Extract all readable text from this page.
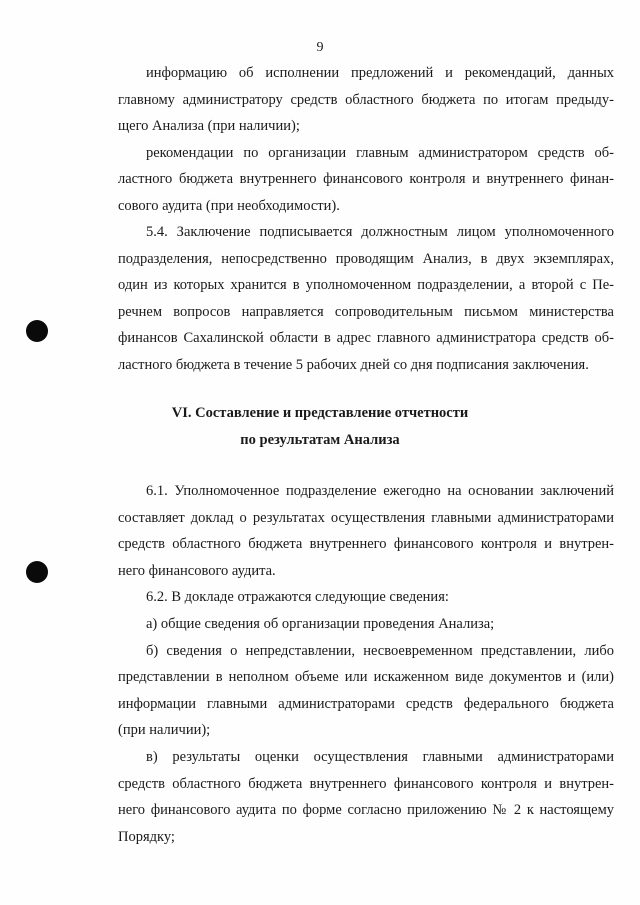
9
информацию об исполнении предложений и рекомендаций, данных
главному администратору средств областного бюджета по итогам предыду-
щего Анализа (при наличии);
рекомендации по организации главным администратором средств об-
ластного бюджета внутреннего финансового контроля и внутреннего финан-
сового аудита (при необходимости).
5.4. Заключение подписывается должностным лицом уполномоченного
подразделения, непосредственно проводящим Анализ, в двух экземплярах,
один из которых хранится в уполномоченном подразделении, а второй с Пе-
речнем вопросов направляется сопроводительным письмом министерства
финансов Сахалинской области в адрес главного администратора средств об-
ластного бюджета в течение 5 рабочих дней со дня подписания заключения.
VI. Составление и представление отчетности
по результатам Анализа
6.1. Уполномоченное подразделение ежегодно на основании заключений
составляет доклад о результатах осуществления главными администраторами
средств областного бюджета внутреннего финансового контроля и внутрен-
него финансового аудита.
6.2. В докладе отражаются следующие сведения:
а) общие сведения об организации проведения Анализа;
б) сведения о непредставлении, несвоевременном представлении, либо
представлении в неполном объеме или искаженном виде документов и (или)
информации главными администраторами средств федерального бюджета
(при наличии);
в) результаты оценки осуществления главными администраторами
средств областного бюджета внутреннего финансового контроля и внутрен-
него финансового аудита по форме согласно приложению № 2 к настоящему
Порядку;
